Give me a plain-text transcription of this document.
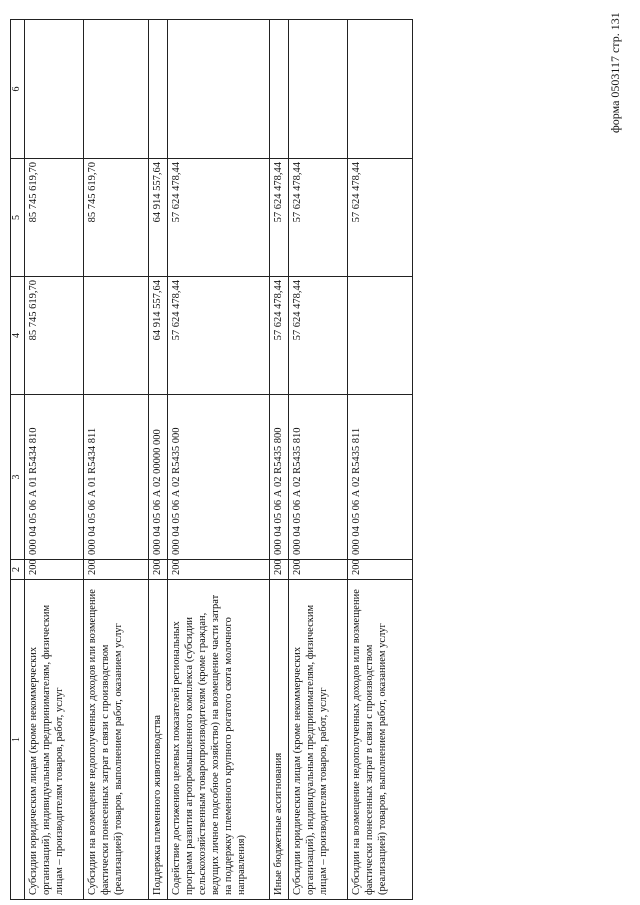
форма 0503117 стр. 131
1	2	3	4	5	6
Субсидии юридическим лицам (кроме некоммерческих организаций), индивидуальным предпринимателям, физическим лицам – производителям товаров, работ, услуг	200	000 04 05 06 А 01 R5434 810	85 745 619,70	85 745 619,70	
Субсидии на возмещение недополученных доходов или возмещение фактически понесенных затрат в связи с производством (реализацией) товаров, выполнением работ, оказанием услуг	200	000 04 05 06 А 01 R5434 811		85 745 619,70	
Поддержка племенного животноводства	200	000 04 05 06 А 02 00000 000	64 914 557,64	64 914 557,64	
Содействие достижению целевых показателей региональных программ развития агропромышленного комплекса (субсидии сельскохозяйственным товаропроизводителям (кроме граждан, ведущих личное подсобное хозяйство) на возмещение части затрат на поддержку племенного крупного рогатого скота молочного направления)	200	000 04 05 06 А 02 R5435 000	57 624 478,44	57 624 478,44	
Иные бюджетные ассигнования	200	000 04 05 06 А 02 R5435 800	57 624 478,44	57 624 478,44	
Субсидии юридическим лицам (кроме некоммерческих организаций), индивидуальным предпринимателям, физическим лицам – производителям товаров, работ, услуг	200	000 04 05 06 А 02 R5435 810	57 624 478,44	57 624 478,44	
Субсидии на возмещение недополученных доходов или возмещение фактически понесенных затрат в связи с производством (реализацией) товаров, выполнением работ, оказанием услуг	200	000 04 05 06 А 02 R5435 811		57 624 478,44	
